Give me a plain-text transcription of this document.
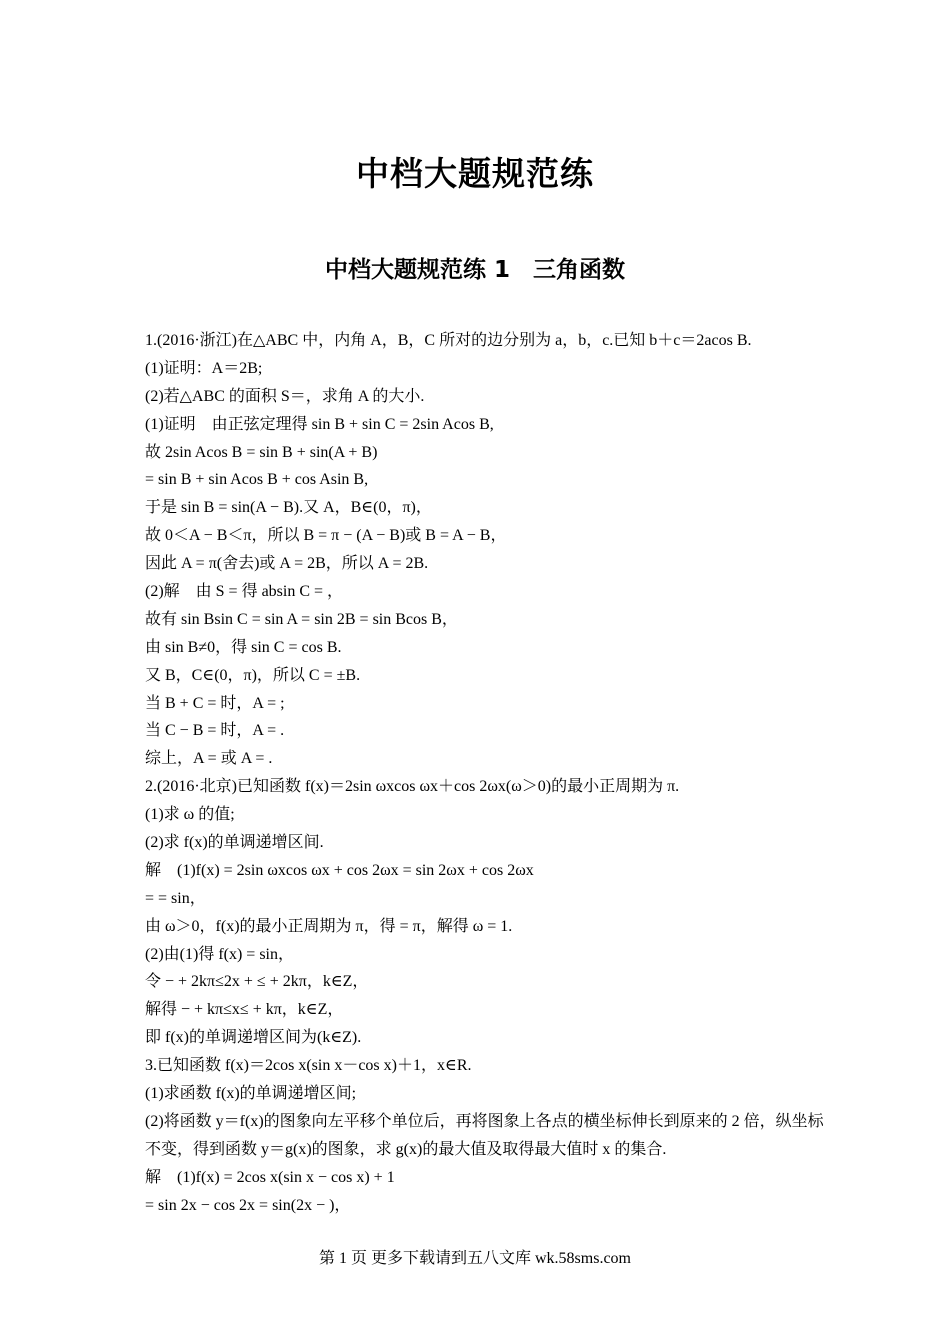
中档大题规范练
中档大题规范练 1　三角函数
1.(2016·浙江)在△ABC 中，内角 A，B，C 所对的边分别为 a，b，c.已知 b＋c＝2acos B.
(1)证明：A＝2B;
(2)若△ABC 的面积 S＝，求角 A 的大小.
(1)证明　由正弦定理得 sin B + sin C = 2sin Acos B,
故 2sin Acos B = sin B + sin(A + B)
= sin B + sin Acos B + cos Asin B,
于是 sin B = sin(A − B).又 A，B∈(0，π)，
故 0＜A − B＜π，所以 B = π − (A − B)或 B = A − B，
因此 A = π(舍去)或 A = 2B，所以 A = 2B.
(2)解　由 S = 得 absin C = ，
故有 sin Bsin C = sin A = sin 2B = sin Bcos B，
由 sin B≠0，得 sin C = cos B.
又 B，C∈(0，π)，所以 C = ±B.
当 B + C = 时，A = ;
当 C − B = 时，A = .
综上，A = 或 A = .
2.(2016·北京)已知函数 f(x)＝2sin ωxcos ωx＋cos 2ωx(ω＞0)的最小正周期为 π.
(1)求 ω 的值;
(2)求 f(x)的单调递增区间.
解　(1)f(x) = 2sin ωxcos ωx + cos 2ωx = sin 2ωx + cos 2ωx
= = sin，
由 ω＞0，f(x)的最小正周期为 π，得 = π，解得 ω = 1.
(2)由(1)得 f(x) = sin，
令 − + 2kπ≤2x + ≤ + 2kπ，k∈Z，
解得 − + kπ≤x≤ + kπ，k∈Z，
即 f(x)的单调递增区间为(k∈Z).
3.已知函数 f(x)＝2cos x(sin x－cos x)＋1，x∈R.
(1)求函数 f(x)的单调递增区间;
(2)将函数 y＝f(x)的图象向左平移个单位后，再将图象上各点的横坐标伸长到原来的 2 倍，纵坐标不变，得到函数 y＝g(x)的图象，求 g(x)的最大值及取得最大值时 x 的集合.
解　(1)f(x) = 2cos x(sin x − cos x) + 1
= sin 2x − cos 2x = sin(2x − )，
第 1 页 更多下载请到五八文库 wk.58sms.com
